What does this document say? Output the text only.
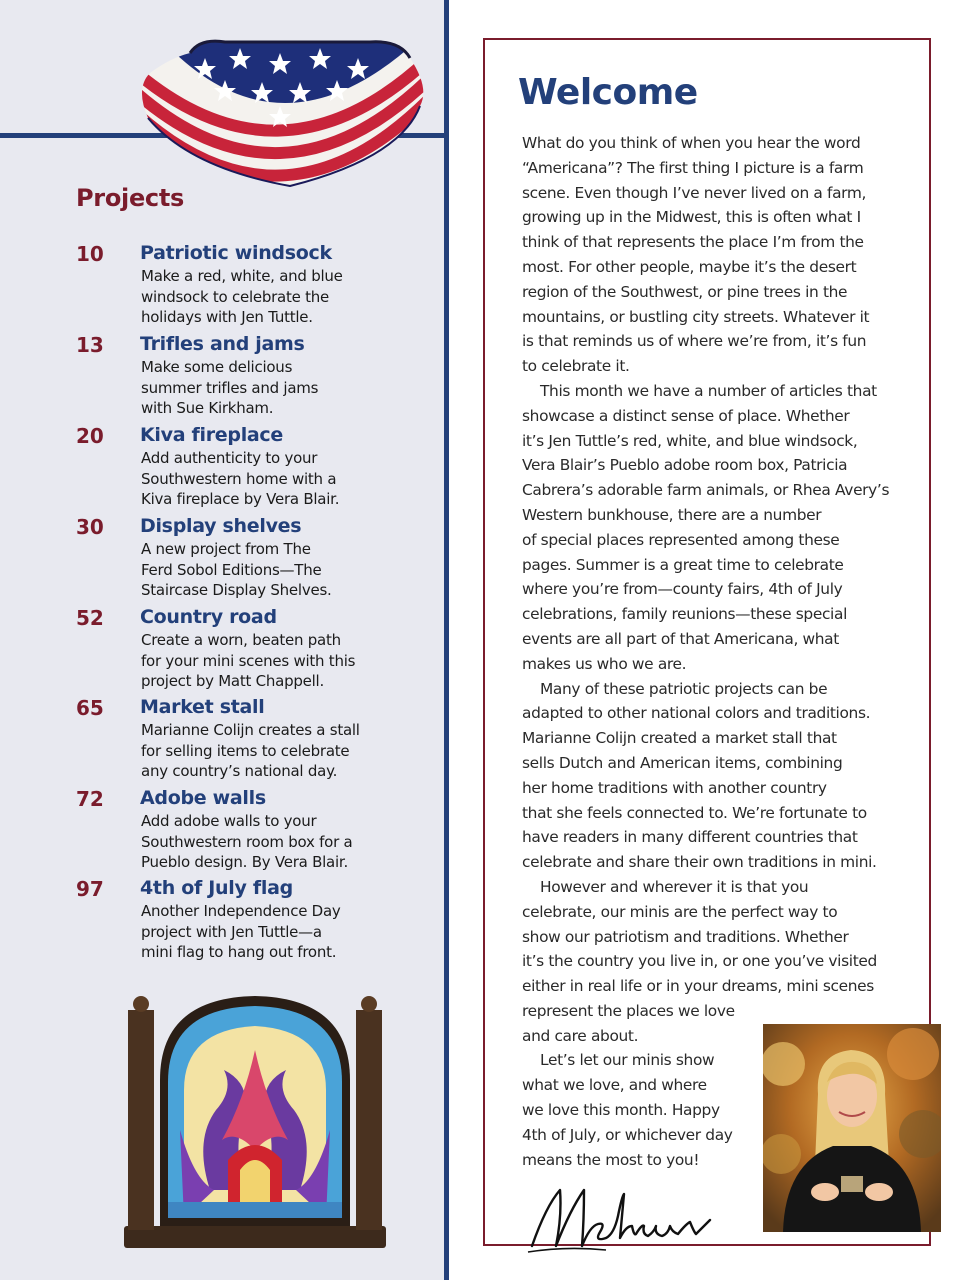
Projects
10 Patriotic windsock
Make a red, white, and blue
windsock to celebrate the
holidays with Jen Tuttle.
13 Trifles and jams
Make some delicious
summer trifles and jams
with Sue Kirkham.
20 Kiva fireplace
Add authenticity to your
Southwestern home with a
Kiva fireplace by Vera Blair.
30 Display shelves
A new project from The
Ferd Sobol Editions—The
Staircase Display Shelves.
52 Country road
Create a worn, beaten path
for your mini scenes with this
project by Matt Chappell.
65 Market stall
Marianne Colijn creates a stall
for selling items to celebrate
any country’s national day.
72 Adobe walls
Add adobe walls to your
Southwestern room box for a
Pueblo design. By Vera Blair.
97 4th of July flag
Another Independence Day
project with Jen Tuttle—a
mini flag to hang out front.
Welcome
What do you think of when you hear the word
“Americana”? The first thing I picture is a farm
scene. Even though I’ve never lived on a farm,
growing up in the Midwest, this is often what I
think of that represents the place I’m from the
most. For other people, maybe it’s the desert
region of the Southwest, or pine trees in the
mountains, or bustling city streets. Whatever it
is that reminds us of where we’re from, it’s fun
to celebrate it.
This month we have a number of articles that
showcase a distinct sense of place. Whether
it’s Jen Tuttle’s red, white, and blue windsock,
Vera Blair’s Pueblo adobe room box, Patricia
Cabrera’s adorable farm animals, or Rhea Avery’s
Western bunkhouse, there are a number
of special places represented among these
pages. Summer is a great time to celebrate
where you’re from—county fairs, 4th of July
celebrations, family reunions—these special
events are all part of that Americana, what
makes us who we are.
Many of these patriotic projects can be
adapted to other national colors and traditions.
Marianne Colijn created a market stall that
sells Dutch and American items, combining
her home traditions with another country
that she feels connected to. We’re fortunate to
have readers in many different countries that
celebrate and share their own traditions in mini.
However and wherever it is that you
celebrate, our minis are the perfect way to
show our patriotism and traditions. Whether
it’s the country you live in, or one you’ve visited
either in real life or in your dreams, mini scenes
represent the places we love
and care about.
Let’s let our minis show
what we love, and where
we love this month. Happy
4th of July, or whichever day
means the most to you!
